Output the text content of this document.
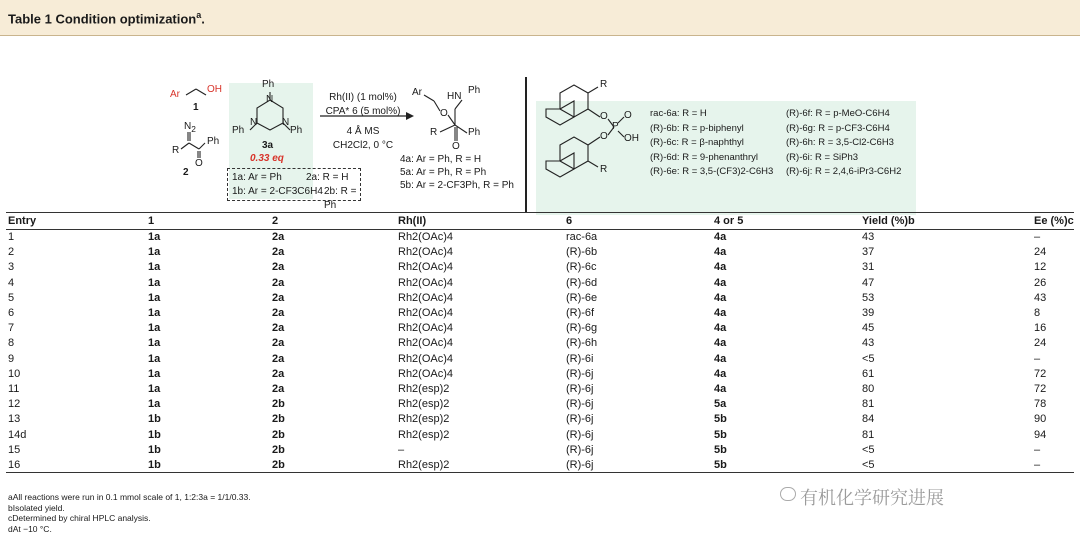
Table 1 Condition optimization$^a$.
Ar	OH
1
$N_2$
Ph
R
O
2
Ph
N
N N
Ph	Ph
3a
0.33 eq
1a: Ar = Ph 2a: R = H
1b: Ar = 2-CF3C6H4 2b: R = Ph
Rh(II) (1 mol%)
CPA* 6 (5 mol%)
4 Å MS
CH2Cl2, 0 °C
Ar
O
HN
Ph
R	Ph
O
4a: Ar = Ph, R = H
5a: Ar = Ph, R = Ph
5b: Ar = 2-CF3Ph, R = Ph
R
R
O
O
P
O
OH
rac-6a: R = H
(R)-6b: R = p-biphenyl
(R)-6c: R = β-naphthyl
(R)-6d: R = 9-phenanthryl
(R)-6e: R = 3,5-(CF3)2-C6H3
(R)-6f: R = p-MeO-C6H4
(R)-6g: R = p-CF3-C6H4
(R)-6h: R = 3,5-Cl2-C6H3
(R)-6i: R = SiPh3
(R)-6j: R = 2,4,6-iPr3-C6H2
Entry	1	2	Rh(II)	6	4 or 5	Yield (%)b	Ee (%)c
1	1a	2a	Rh2(OAc)4	rac-6a	4a	43	–
2	1a	2a	Rh2(OAc)4	(R)-6b	4a	37	24
3	1a	2a	Rh2(OAc)4	(R)-6c	4a	31	12
4	1a	2a	Rh2(OAc)4	(R)-6d	4a	47	26
5	1a	2a	Rh2(OAc)4	(R)-6e	4a	53	43
6	1a	2a	Rh2(OAc)4	(R)-6f	4a	39	8
7	1a	2a	Rh2(OAc)4	(R)-6g	4a	45	16
8	1a	2a	Rh2(OAc)4	(R)-6h	4a	43	24
9	1a	2a	Rh2(OAc)4	(R)-6i	4a	<5	–
10	1a	2a	Rh2(OAc)4	(R)-6j	4a	61	72
11	1a	2a	Rh2(esp)2	(R)-6j	4a	80	72
12	1a	2b	Rh2(esp)2	(R)-6j	5a	81	78
13	1b	2b	Rh2(esp)2	(R)-6j	5b	84	90
14d	1b	2b	Rh2(esp)2	(R)-6j	5b	81	94
15	1b	2b	–	(R)-6j	5b	<5	–
16	1b	2b	Rh2(esp)2	(R)-6j	5b	<5	–
aAll reactions were run in 0.1 mmol scale of 1, 1:2:3a = 1/1/0.33.
bIsolated yield.
cDetermined by chiral HPLC analysis.
dAt −10 °C.
有机化学研究进展
